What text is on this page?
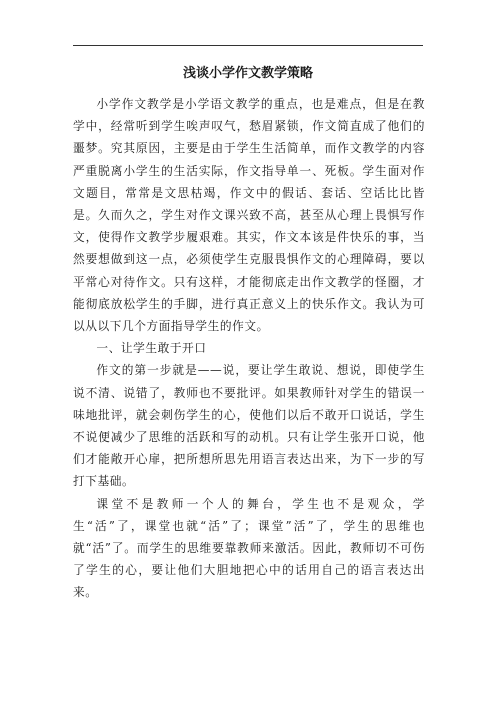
浅谈小学作文教学策略

小学作文教学是小学语文教学的重点，也是难点，但是在教学中，经常听到学生唉声叹气，愁眉紧锁，作文简直成了他们的噩梦。究其原因，主要是由于学生生活简单，而作文教学的内容严重脱离小学生的生活实际，作文指导单一、死板。学生面对作文题目，常常是文思枯竭，作文中的假话、套话、空话比比皆是。久而久之，学生对作文课兴致不高，甚至从心理上畏惧写作文，使得作文教学步履艰难。其实，作文本该是件快乐的事，当然要想做到这一点，必须使学生克服畏惧作文的心理障碍，要以平常心对待作文。只有这样，才能彻底走出作文教学的怪圈，才能彻底放松学生的手脚，进行真正意义上的快乐作文。我认为可以从以下几个方面指导学生的作文。

一、让学生敢于开口

作文的第一步就是——说，要让学生敢说、想说，即使学生说不清、说错了，教师也不要批评。如果教师针对学生的错误一味地批评，就会刺伤学生的心，使他们以后不敢开口说话，学生不说便减少了思维的活跃和写的动机。只有让学生张开口说，他们才能敞开心扉，把所想所思先用语言表达出来，为下一步的写打下基础。

课堂不是教师一个人的舞台，学生也不是观众，学生“活”了，课堂也就“活”了；课堂”活”了，学生的思维也就“活”了。而学生的思维要靠教师来激活。因此，教师切不可伤了学生的心，要让他们大胆地把心中的话用自己的语言表达出来。
